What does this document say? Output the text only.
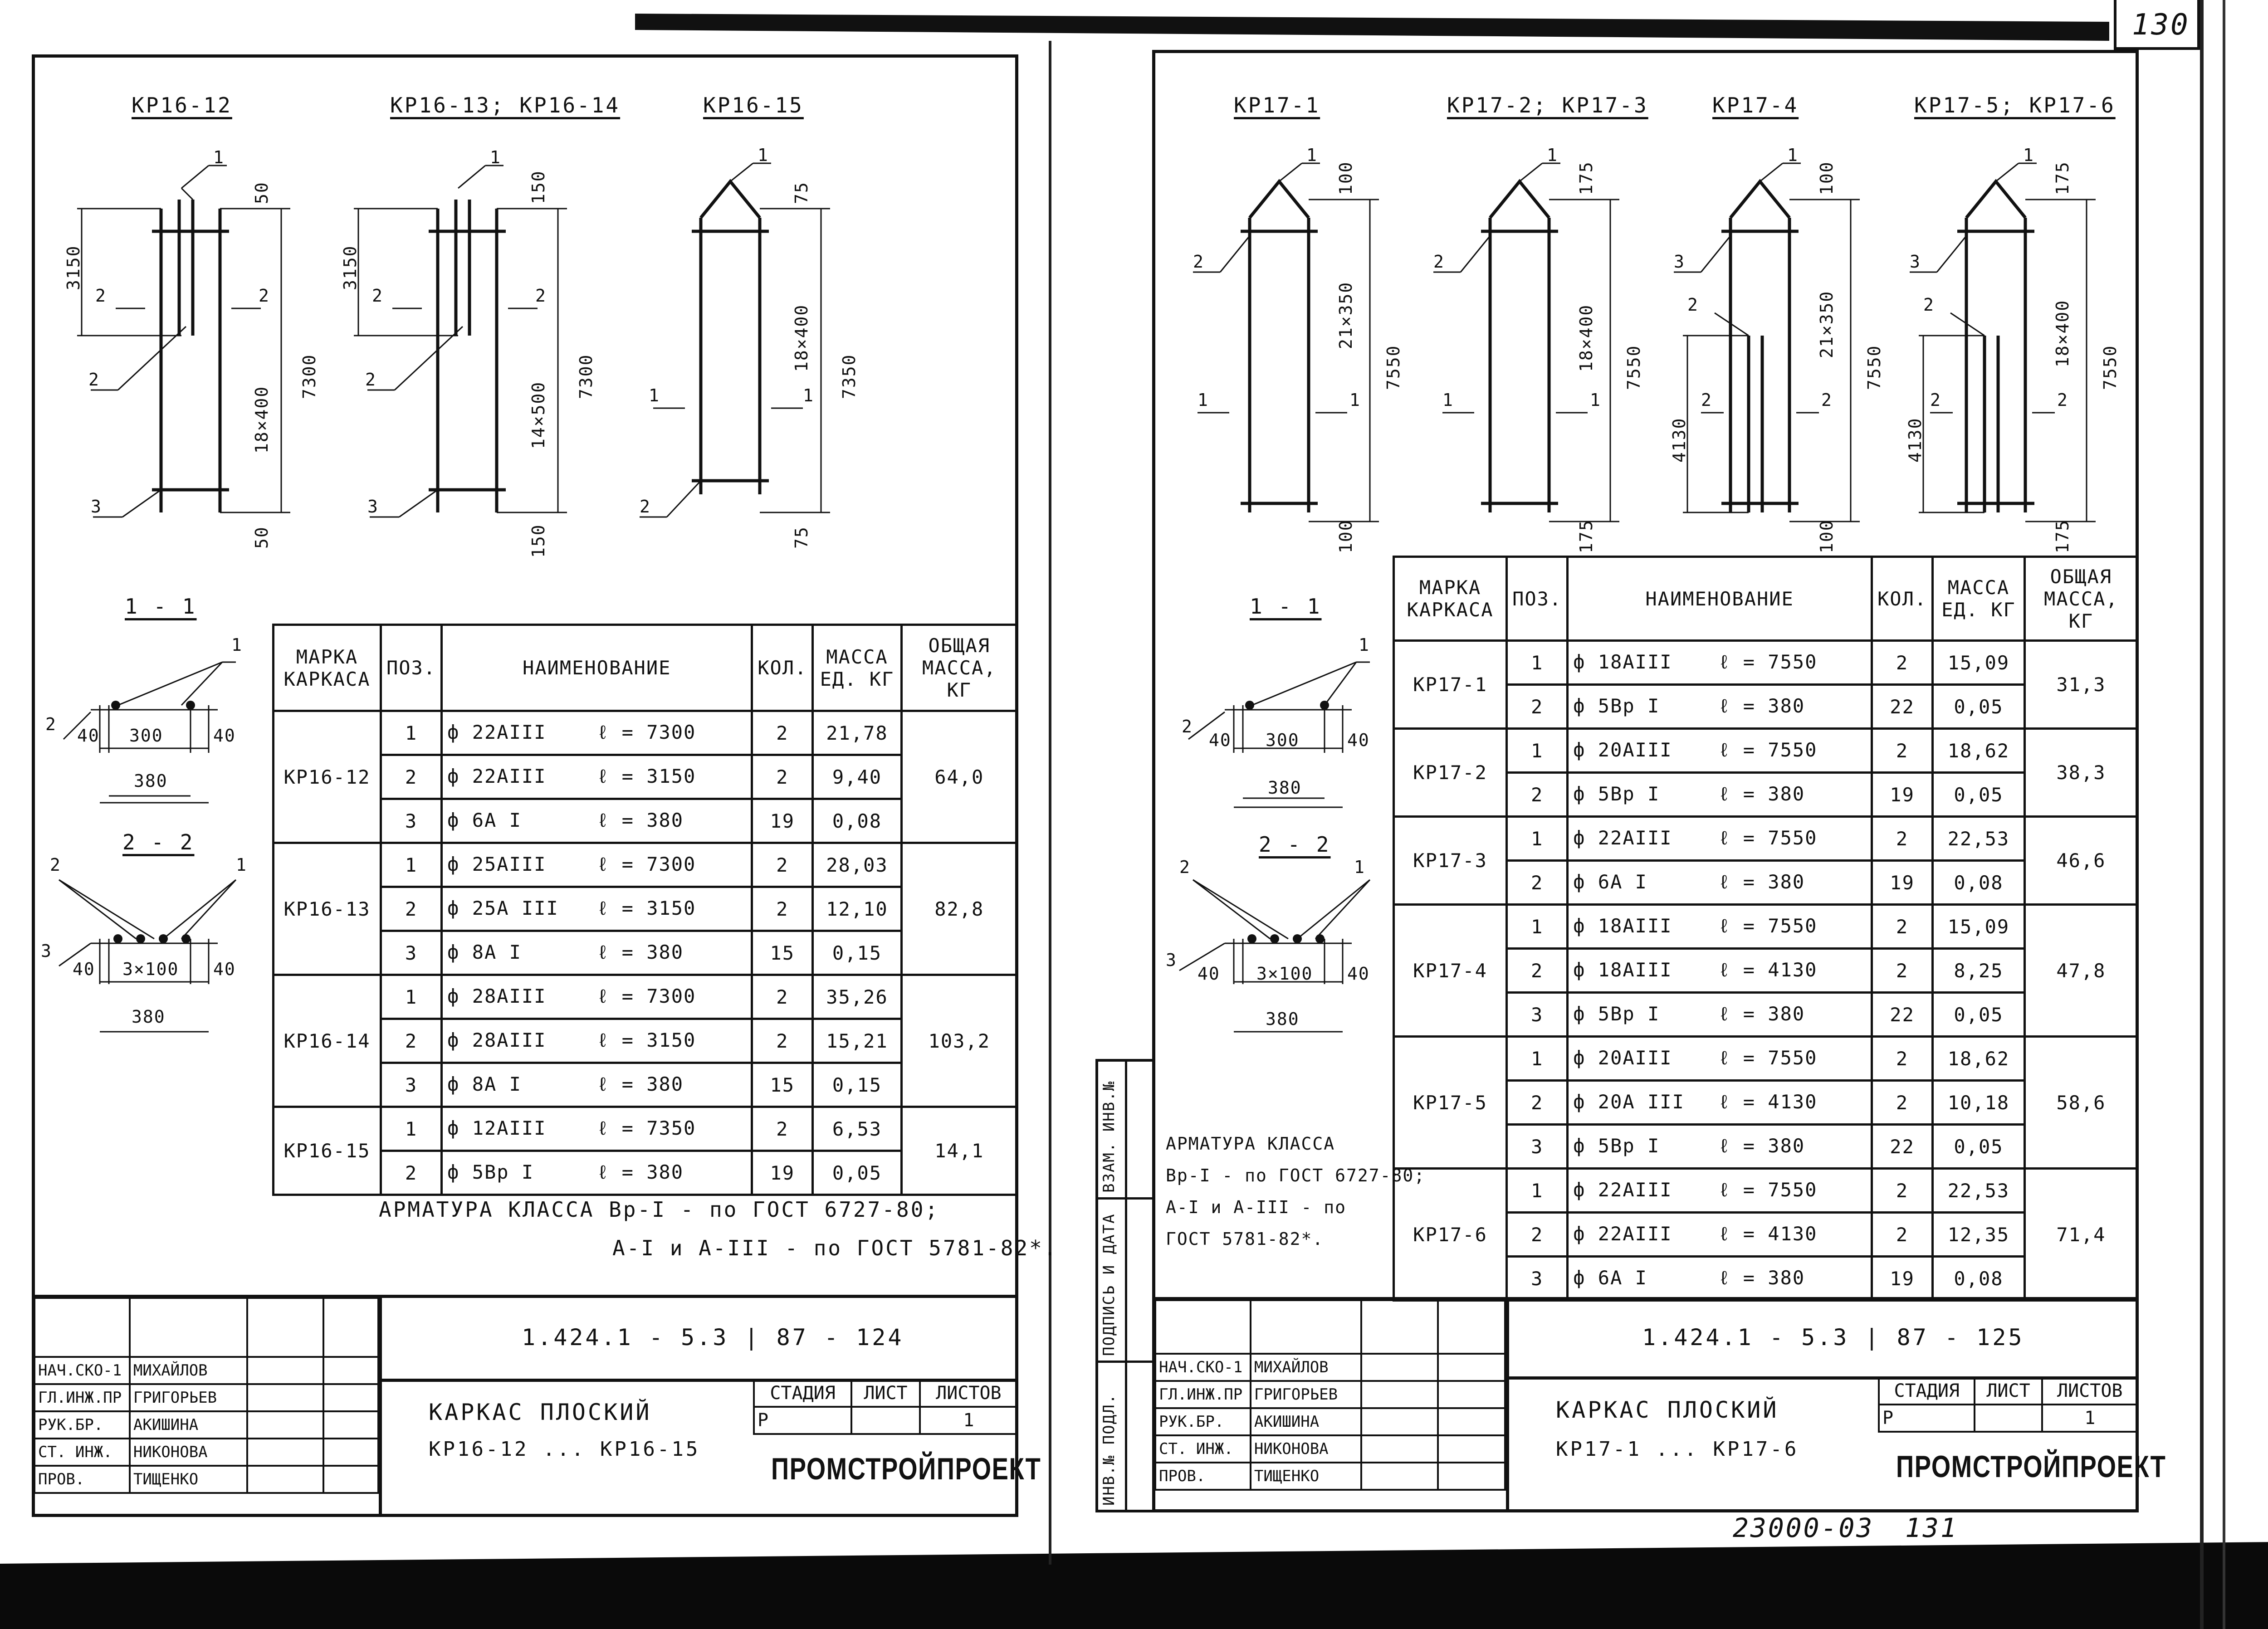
130
КР16-12	КР16-13; КР16-14	КР16-15
3150	3150
50
50
18×400
7300
150
150
14×500
7300
75
75
18×400
7350
1	1	1
2	2
2
3	3
2	2	2	2
1	1
1 - 1
1
2
40 300	40
380
2 - 2
2	1
3
40 3×100 40
380
МАРКА
КАРКАСА	ПОЗ.	НАИМЕНОВАНИЕ	КОЛ.	МАССА
ЕД. КГ	ОБЩАЯ
МАССА,
КГ
КР16-12	1	ф 22АIII ℓ = 7300	2	21,78	64,0
	2	ф 22АIII ℓ = 3150	2	9,40	
	3	ф 6А I ℓ = 380	19	0,08	
КР16-13	1	ф 25АIII ℓ = 7300	2	28,03	82,8
	2	ф 25А III ℓ = 3150	2	12,10	
	3	ф 8А I ℓ = 380	15	0,15	
КР16-14	1	ф 28АIII ℓ = 7300	2	35,26	103,2
	2	ф 28АIII ℓ = 3150	2	15,21	
	3	ф 8А I ℓ = 380	15	0,15	
КР16-15	1	ф 12АIII ℓ = 7350	2	6,53	14,1
	2	ф 5Вр I ℓ = 380	19	0,05	
АРМАТУРА КЛАССА Вр-I - по ГОСТ 6727-80;
А-I и А-III - по ГОСТ 5781-82*.
1.424.1 - 5.3 | 87 - 124

НАЧ.СКО-1	МИХАЙЛОВ		
ГЛ.ИНЖ.ПР	ГРИГОРЬЕВ		
РУК.БР.	АКИШИНА		
СТ. ИНЖ.	НИКОНОВА		
ПРОВ.	ТИЩЕНКО		
КАРКАС ПЛОСКИЙ
КР16-12 ... КР16-15
СТАДИЯ	ЛИСТ	ЛИСТОВ
Р		1
ПРОМСТРОЙПРОЕКТ
КР17-1	КР17-2; КР17-3	КР17-4	КР17-5; КР17-6
100
100
21×350
7550
175
175
18×400 7550
100
100
21×350
7550
4130
175
175
18×400
7550
4130
1	1	1	1
2	2	3
2
3
2
1	1	1	1	2	2	2	2
1 - 1
1
2
40 300	40
380
2 - 2
2	1
3
40 3×100 40
380
МАРКА
КАРКАСА	ПОЗ.	НАИМЕНОВАНИЕ	КОЛ.	МАССА
ЕД. КГ	ОБЩАЯ
МАССА,
КГ
КР17-1	1	ф 18АIII ℓ = 7550	2	15,09	31,3
	2	ф 5Вр I ℓ = 380	22	0,05	
КР17-2	1	ф 20АIII ℓ = 7550	2	18,62	38,3
	2	ф 5Вр I ℓ = 380	19	0,05	
КР17-3	1	ф 22АIII ℓ = 7550	2	22,53	46,6
	2	ф 6А I ℓ = 380	19	0,08	
КР17-4	1	ф 18АIII ℓ = 7550	2	15,09	47,8
	2	ф 18АIII ℓ = 4130	2	8,25	
	3	ф 5Вр I ℓ = 380	22	0,05	
КР17-5	1	ф 20АIII ℓ = 7550	2	18,62	58,6
	2	ф 20А III ℓ = 4130	2	10,18	
	3	ф 5Вр I ℓ = 380	22	0,05	
КР17-6	1	ф 22АIII ℓ = 7550	2	22,53	71,4
	2	ф 22АIII ℓ = 4130	2	12,35	
	3	ф 6А I ℓ = 380	19	0,08	
АРМАТУРА КЛАССА
Вр-I - по ГОСТ 6727-80;
А-I и А-III - по
ГОСТ 5781-82*.
ИНВ.№ ПОДЛ.
ПОДПИСЬ И ДАТА
ВЗАМ. ИНВ.№
1.424.1 - 5.3 | 87 - 125

НАЧ.СКО-1	МИХАЙЛОВ		
ГЛ.ИНЖ.ПР	ГРИГОРЬЕВ		
РУК.БР.	АКИШИНА		
СТ. ИНЖ.	НИКОНОВА		
ПРОВ.	ТИЩЕНКО		
КАРКАС ПЛОСКИЙ
КР17-1 ... КР17-6
СТАДИЯ	ЛИСТ	ЛИСТОВ
Р		1
ПРОМСТРОЙПРОЕКТ
23000-03 131
